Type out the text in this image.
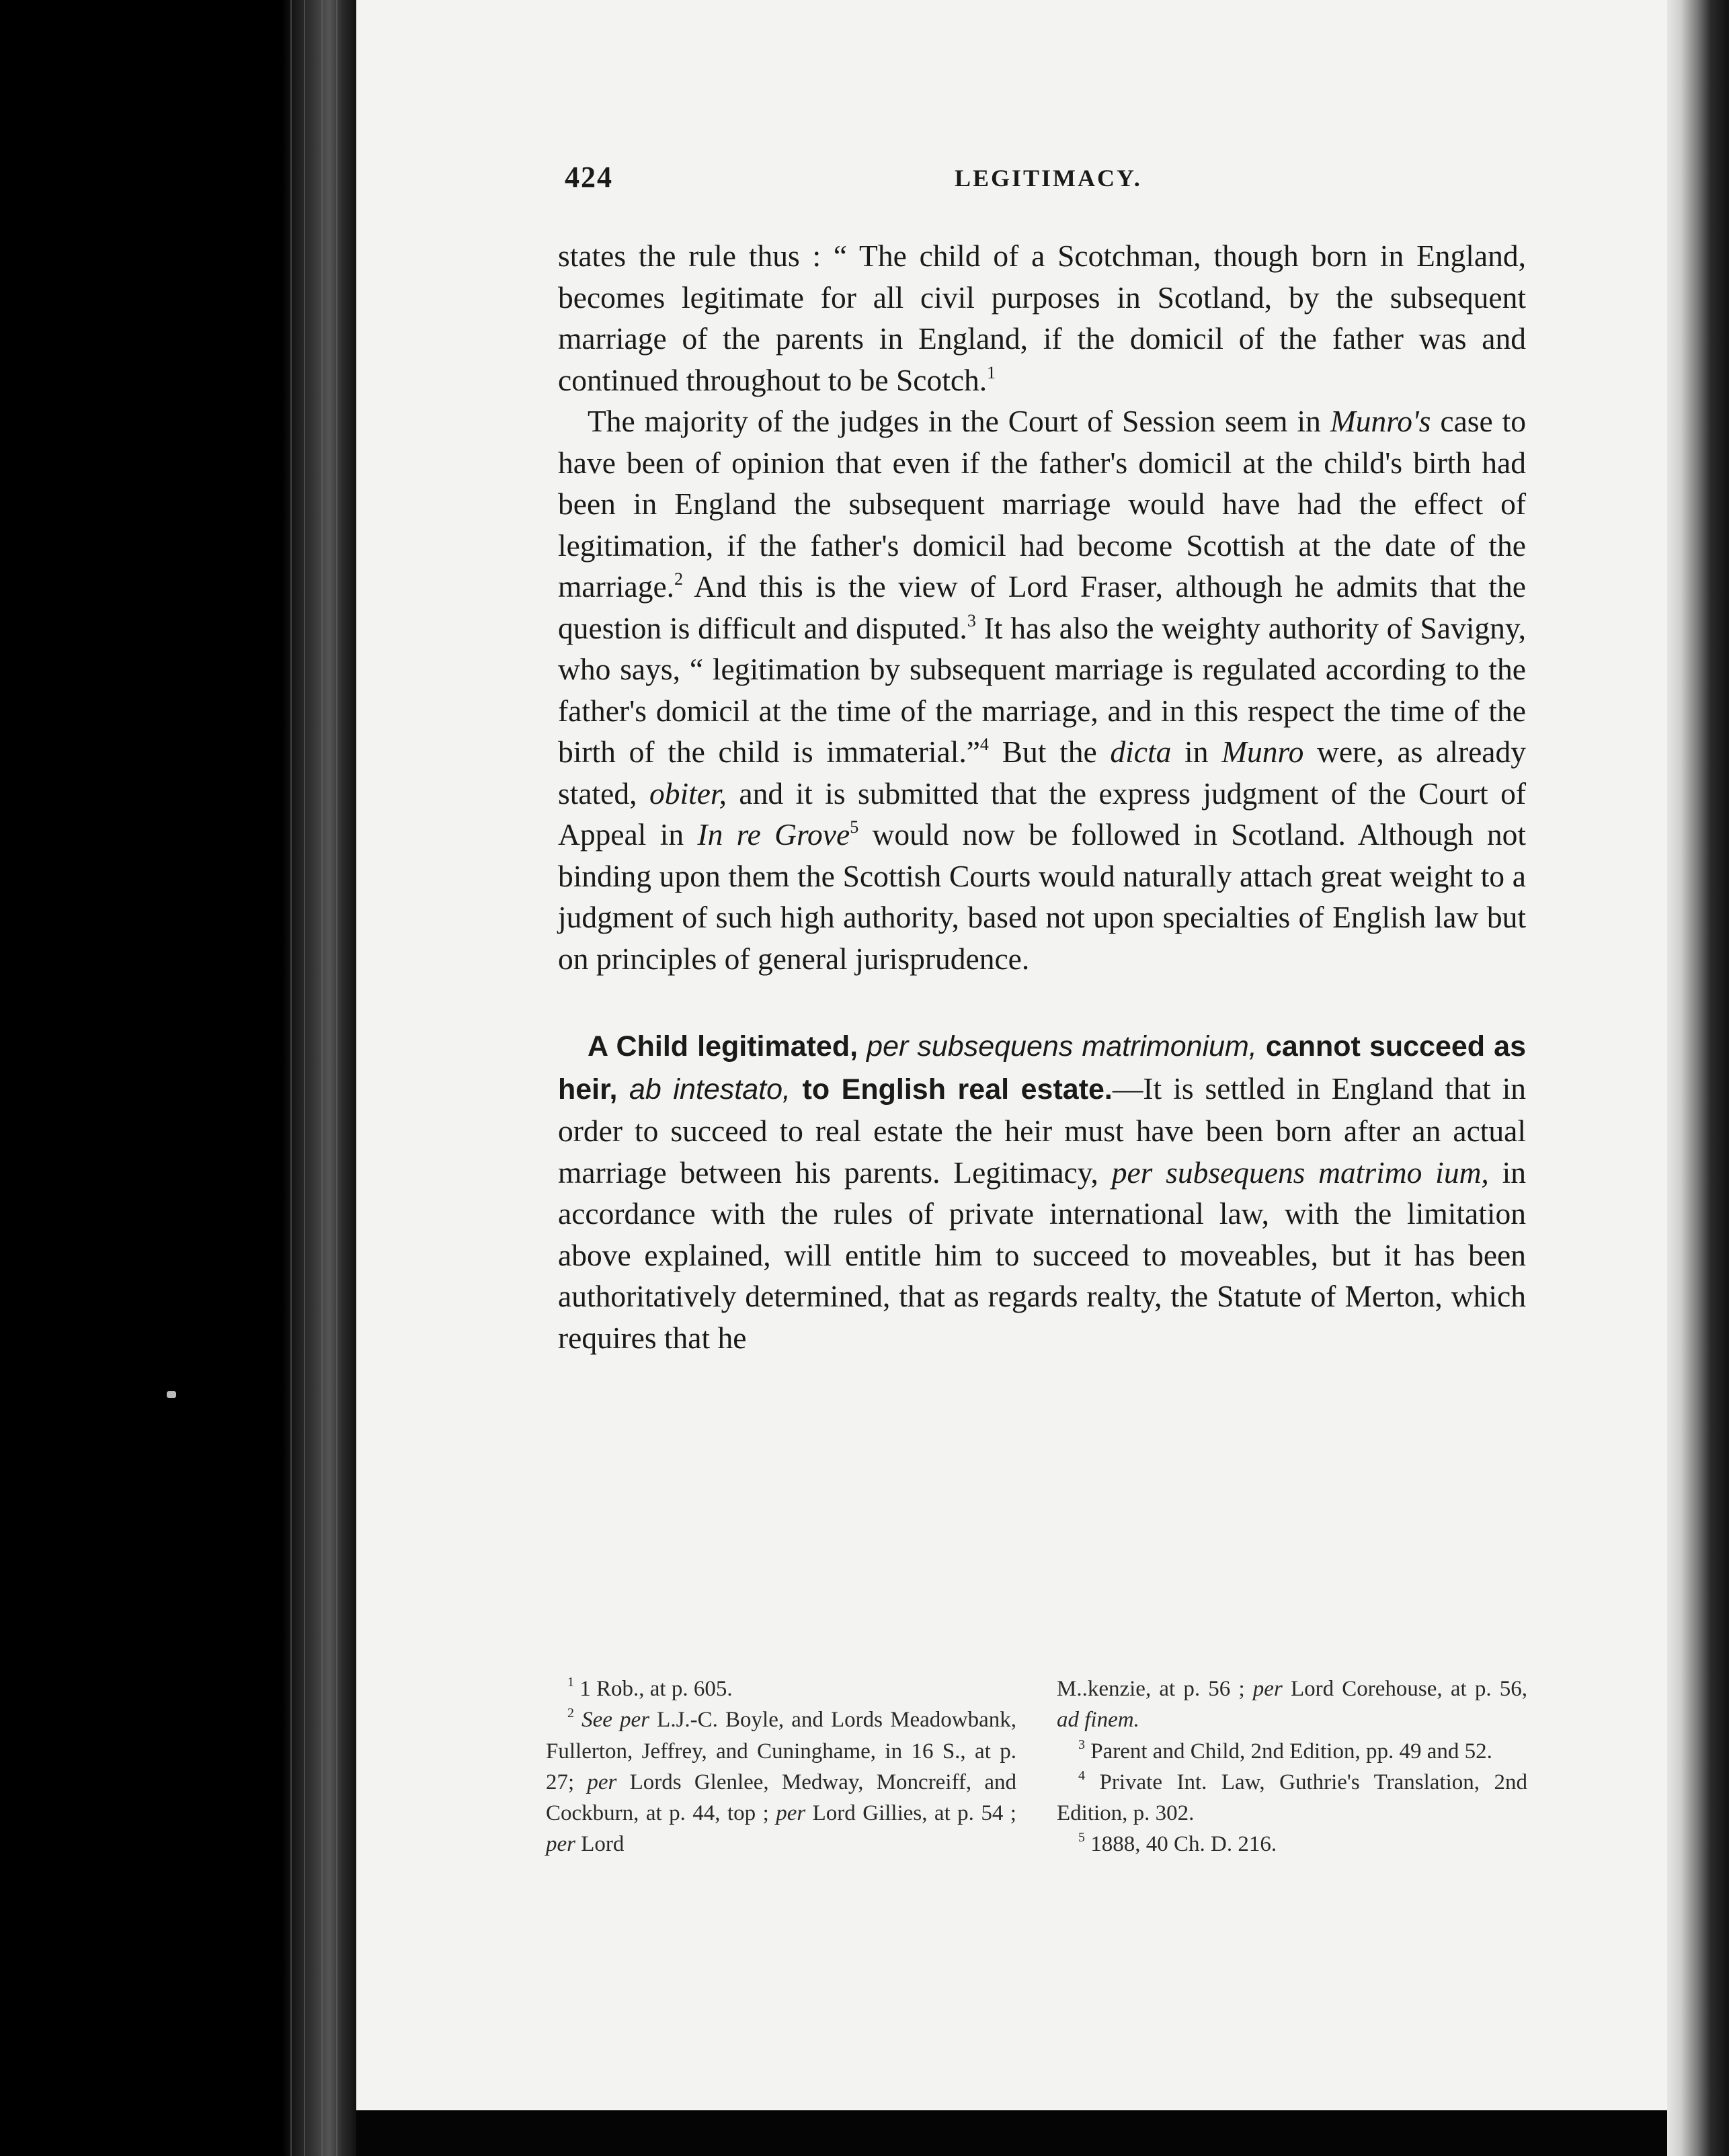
424	LEGITIMACY.

states the rule thus : “ The child of a Scotchman, though born in England, becomes legitimate for all civil purposes in Scotland, by the subsequent marriage of the parents in England, if the domicil of the father was and continued throughout to be Scotch.$^1$

The majority of the judges in the Court of Session seem in Munro's case to have been of opinion that even if the father's domicil at the child's birth had been in England the subsequent marriage would have had the effect of legitimation, if the father's domicil had become Scottish at the date of the marriage.$^2$ And this is the view of Lord Fraser, although he admits that the question is difficult and disputed.$^3$ It has also the weighty authority of Savigny, who says, “ legitimation by subsequent marriage is regulated according to the father's domicil at the time of the marriage, and in this respect the time of the birth of the child is immaterial.”$^4$ But the dicta in Munro were, as already stated, obiter, and it is submitted that the express judgment of the Court of Appeal in In re Grove$^5$ would now be followed in Scotland. Although not binding upon them the Scottish Courts would naturally attach great weight to a judgment of such high authority, based not upon specialties of English law but on principles of general jurisprudence.

A Child legitimated, per subsequens matrimonium, cannot succeed as heir, ab intestato, to English real estate.—It is settled in England that in order to succeed to real estate the heir must have been born after an actual marriage between his parents. Legitimacy, per subsequens matrimo ium, in accordance with the rules of private international law, with the limitation above explained, will entitle him to succeed to moveables, but it has been authoritatively determined, that as regards realty, the Statute of Merton, which requires that he

$^1$ 1 Rob., at p. 605.

$^2$ See per L.J.-C. Boyle, and Lords Meadowbank, Fullerton, Jeffrey, and Cuninghame, in 16 S., at p. 27; per Lords Glenlee, Medway, Moncreiff, and Cockburn, at p. 44, top ; per Lord Gillies, at p. 54 ; per Lord

M..kenzie, at p. 56 ; per Lord Corehouse, at p. 56, ad finem.

$^3$ Parent and Child, 2nd Edition, pp. 49 and 52.

$^4$ Private Int. Law, Guthrie's Translation, 2nd Edition, p. 302.

$^5$ 1888, 40 Ch. D. 216.
